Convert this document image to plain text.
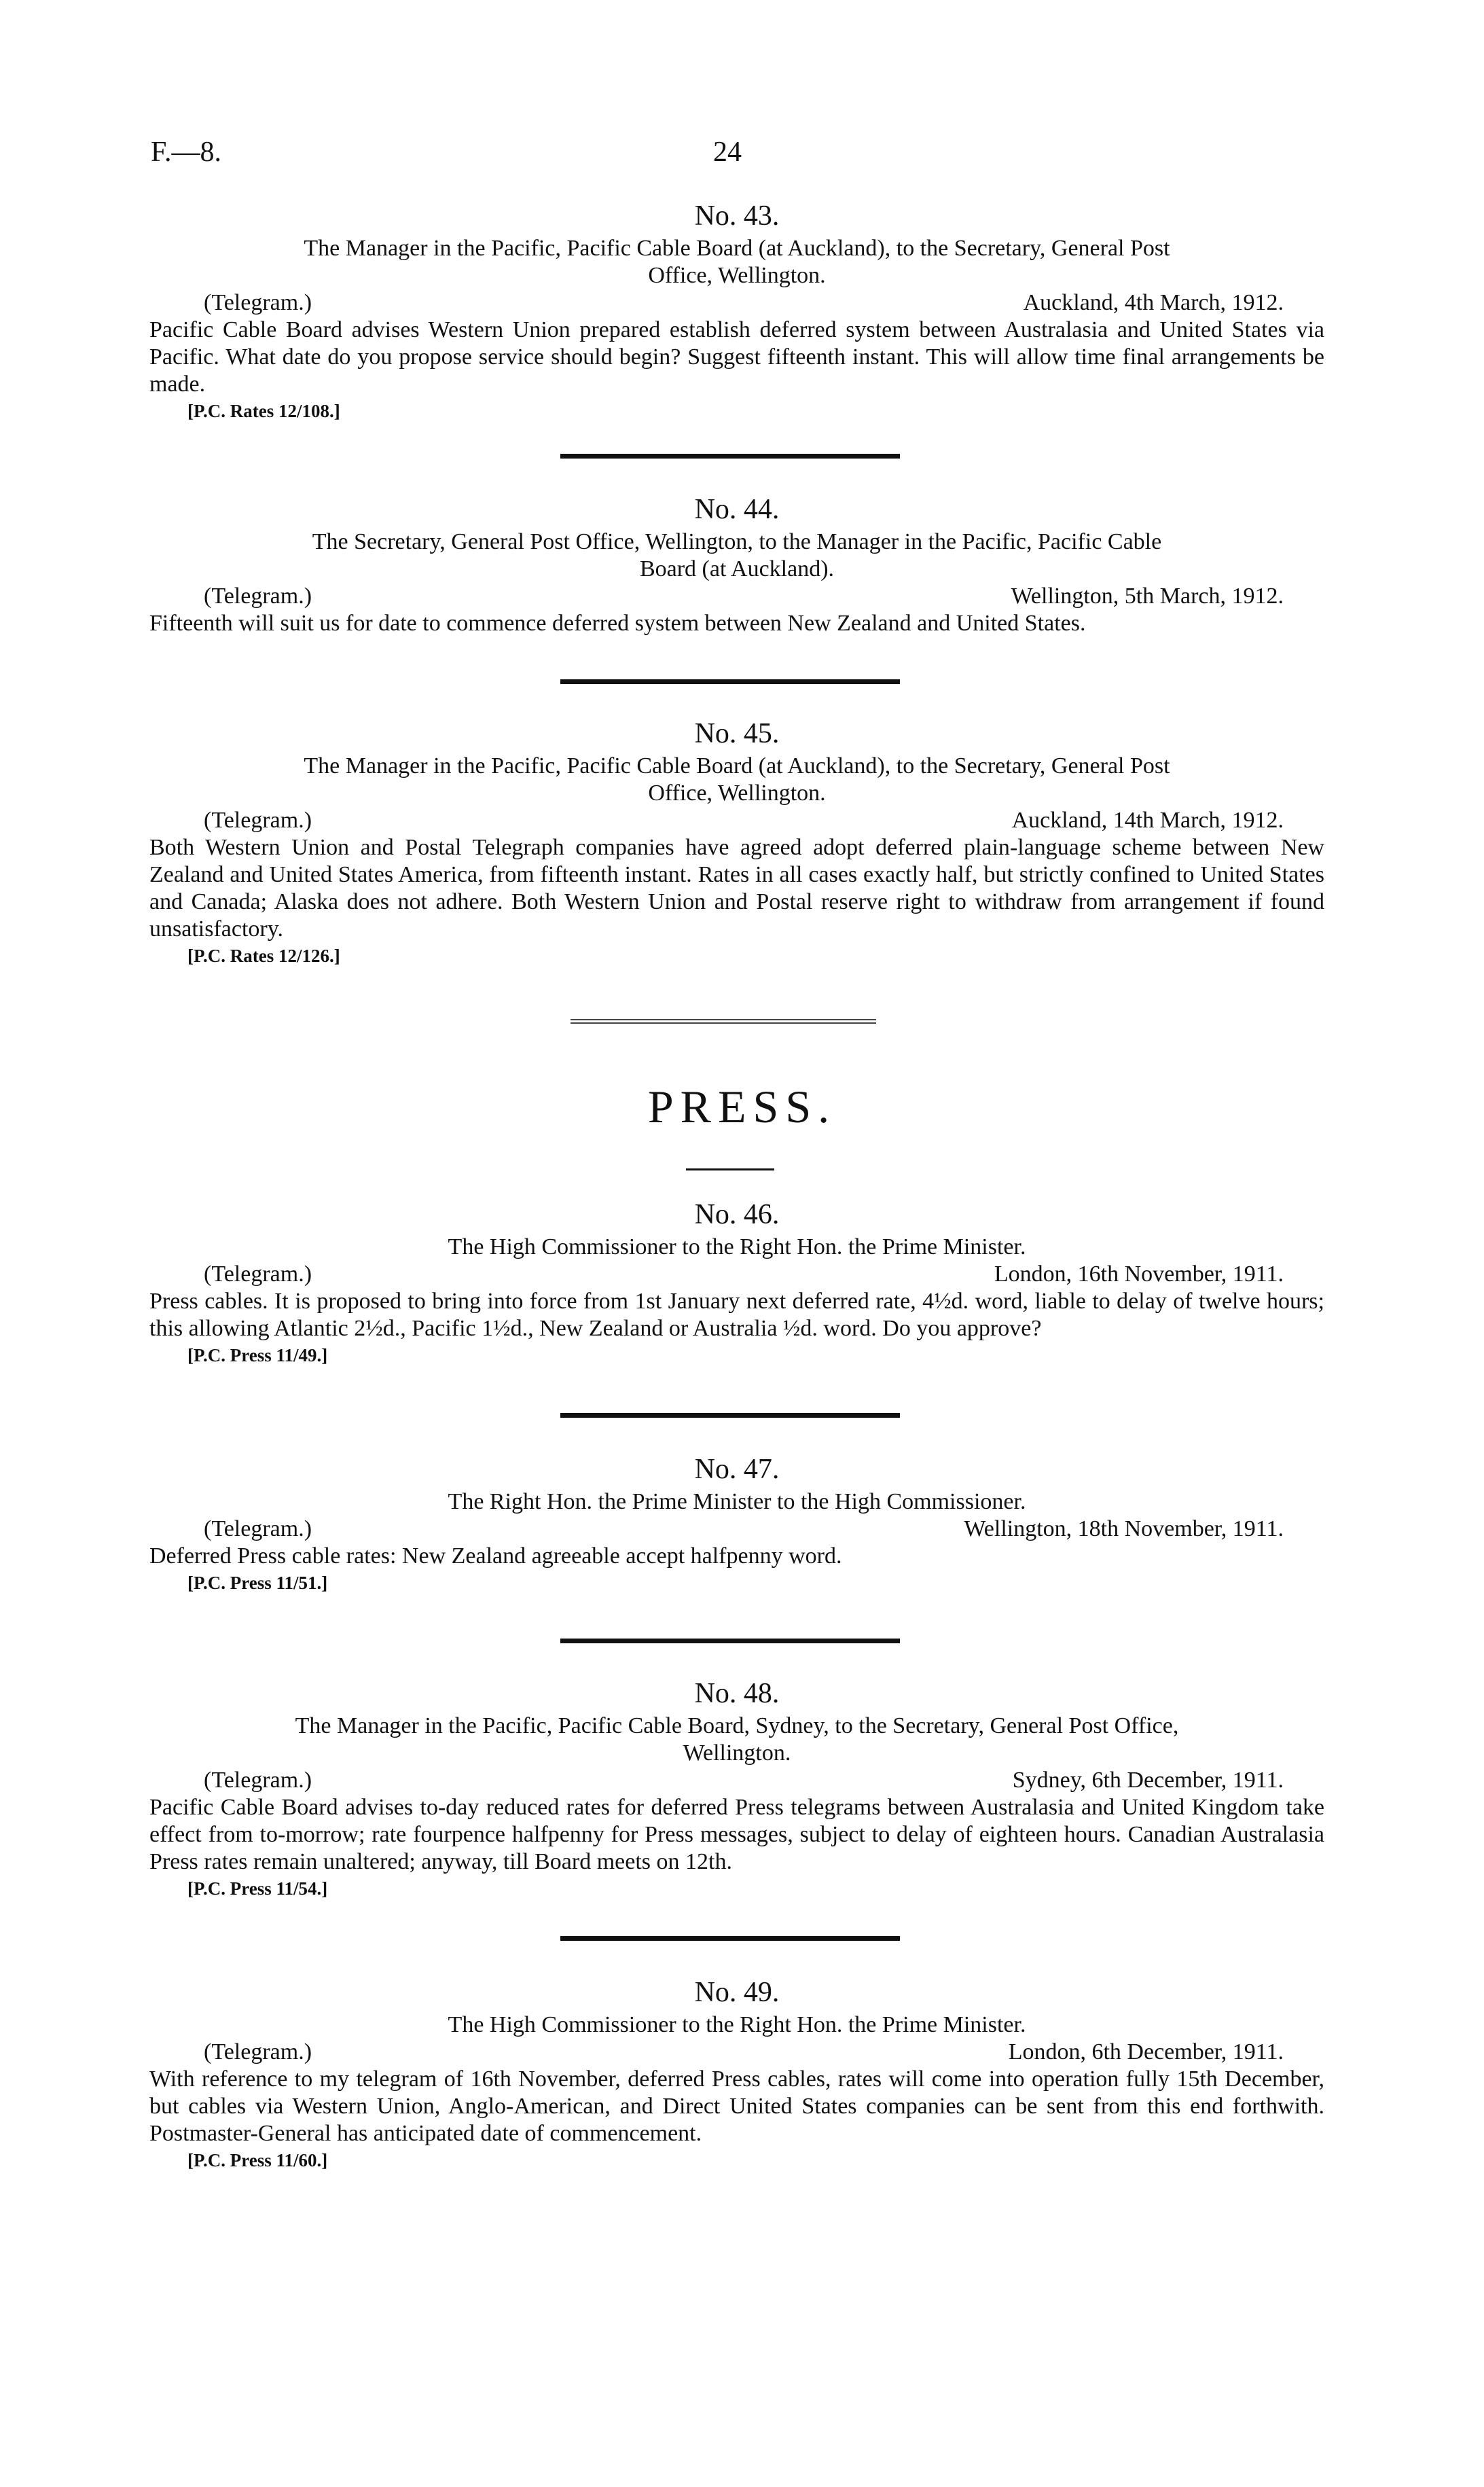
F.—8.	24

No. 43.

The Manager in the Pacific, Pacific Cable Board (at Auckland), to the Secretary, General Post

Office, Wellington.

(Telegram.)	Auckland, 4th March, 1912.

Pacific Cable Board advises Western Union prepared establish deferred system between Australasia and United States via Pacific. What date do you propose service should begin? Suggest fifteenth instant. This will allow time final arrangements be made.

[P.C. Rates 12/108.]

No. 44.

The Secretary, General Post Office, Wellington, to the Manager in the Pacific, Pacific Cable

Board (at Auckland).

(Telegram.)	Wellington, 5th March, 1912.

Fifteenth will suit us for date to commence deferred system between New Zealand and United States.

No. 45.

The Manager in the Pacific, Pacific Cable Board (at Auckland), to the Secretary, General Post

Office, Wellington.

(Telegram.)	Auckland, 14th March, 1912.

Both Western Union and Postal Telegraph companies have agreed adopt deferred plain-language scheme between New Zealand and United States America, from fifteenth instant. Rates in all cases exactly half, but strictly confined to United States and Canada; Alaska does not adhere. Both Western Union and Postal reserve right to withdraw from arrangement if found unsatisfactory.

[P.C. Rates 12/126.]

PRESS.

No. 46.

The High Commissioner to the Right Hon. the Prime Minister.

(Telegram.)	London, 16th November, 1911.

Press cables. It is proposed to bring into force from 1st January next deferred rate, 4½d. word, liable to delay of twelve hours; this allowing Atlantic 2½d., Pacific 1½d., New Zealand or Australia ½d. word. Do you approve?

[P.C. Press 11/49.]

No. 47.

The Right Hon. the Prime Minister to the High Commissioner.

(Telegram.)	Wellington, 18th November, 1911.

Deferred Press cable rates: New Zealand agreeable accept halfpenny word.

[P.C. Press 11/51.]

No. 48.

The Manager in the Pacific, Pacific Cable Board, Sydney, to the Secretary, General Post Office,

Wellington.

(Telegram.)	Sydney, 6th December, 1911.

Pacific Cable Board advises to-day reduced rates for deferred Press telegrams between Australasia and United Kingdom take effect from to-morrow; rate fourpence halfpenny for Press messages, subject to delay of eighteen hours. Canadian Australasia Press rates remain unaltered; anyway, till Board meets on 12th.

[P.C. Press 11/54.]

No. 49.

The High Commissioner to the Right Hon. the Prime Minister.

(Telegram.)	London, 6th December, 1911.

With reference to my telegram of 16th November, deferred Press cables, rates will come into operation fully 15th December, but cables via Western Union, Anglo-American, and Direct United States companies can be sent from this end forthwith. Postmaster-General has anticipated date of commencement.

[P.C. Press 11/60.]
